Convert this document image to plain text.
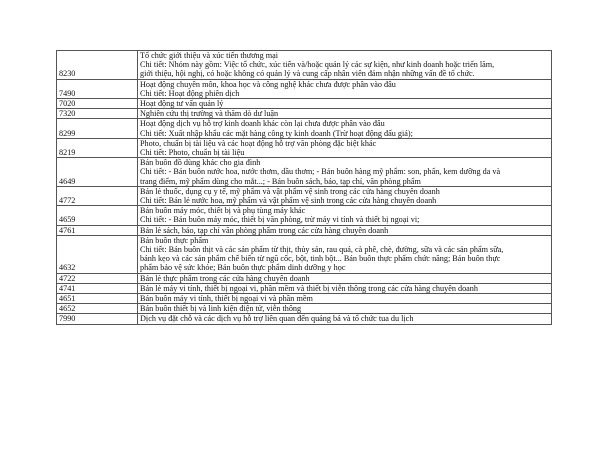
8230	Tổ chức giới thiệu và xúc tiến thương mại
Chi tiết: Nhóm này gồm: Việc tổ chức, xúc tiến và/hoặc quản lý các sự kiện, như kinh doanh hoặc triển lãm,
giới thiệu, hội nghị, có hoặc không có quản lý và cung cấp nhân viên đảm nhận những vấn đề tổ chức.

7490	Hoạt động chuyên môn, khoa học và công nghệ khác chưa được phân vào đâu
Chi tiết: Hoạt động phiên dịch

7020	Hoạt động tư vấn quản lý

7320	Nghiên cứu thị trường và thăm dò dư luận

8299	Hoạt động dịch vụ hỗ trợ kinh doanh khác còn lại chưa được phân vào đâu
Chi tiết: Xuất nhập khẩu các mặt hàng công ty kinh doanh (Trừ hoạt động đấu giá);

8219	Photo, chuẩn bị tài liệu và các hoạt động hỗ trợ văn phòng đặc biệt khác
Chi tiết: Photo, chuẩn bị tài liệu

4649	Bán buôn đồ dùng khác cho gia đình
Chi tiết: - Bán buôn nước hoa, nước thơm, dầu thơm; - Bán buôn hàng mỹ phẩm: son, phấn, kem dưỡng da và
trang điểm, mỹ phẩm dùng cho mắt...; - Bán buôn sách, báo, tạp chí, văn phòng phẩm

4772	Bán lẻ thuốc, dụng cụ y tế, mỹ phẩm và vật phẩm vệ sinh trong các cửa hàng chuyên doanh
Chi tiết: Bán lẻ nước hoa, mỹ phẩm và vật phẩm vệ sinh trong các cửa hàng chuyên doanh

4659	Bán buôn máy móc, thiết bị và phụ tùng máy khác
Chi tiết: - Bán buôn máy móc, thiết bị văn phòng, trừ máy vi tính và thiết bị ngoại vi;

4761	Bán lẻ sách, báo, tạp chí văn phòng phẩm trong các cửa hàng chuyên doanh

4632	Bán buôn thực phẩm
Chi tiết: Bán buôn thịt và các sản phẩm từ thịt, thủy sản, rau quả, cà phê, chè, đường, sữa và các sản phẩm sữa,
bánh kẹo và các sản phẩm chế biến từ ngũ cốc, bột, tinh bột... Bán buôn thực phẩm chức năng; Bán buôn thực
phẩm bảo vệ sức khỏe; Bán buôn thực phẩm dinh dưỡng y học

4722	Bán lẻ thực phẩm trong các cửa hàng chuyên doanh

4741	Bán lẻ máy vi tính, thiết bị ngoại vi, phần mềm và thiết bị viễn thông trong các cửa hàng chuyên doanh

4651	Bán buôn máy vi tính, thiết bị ngoại vi và phần mềm

4652	Bán buôn thiết bị và linh kiện điện tử, viễn thông

7990	Dịch vụ đặt chỗ và các dịch vụ hỗ trợ liên quan đến quảng bá và tổ chức tua du lịch
